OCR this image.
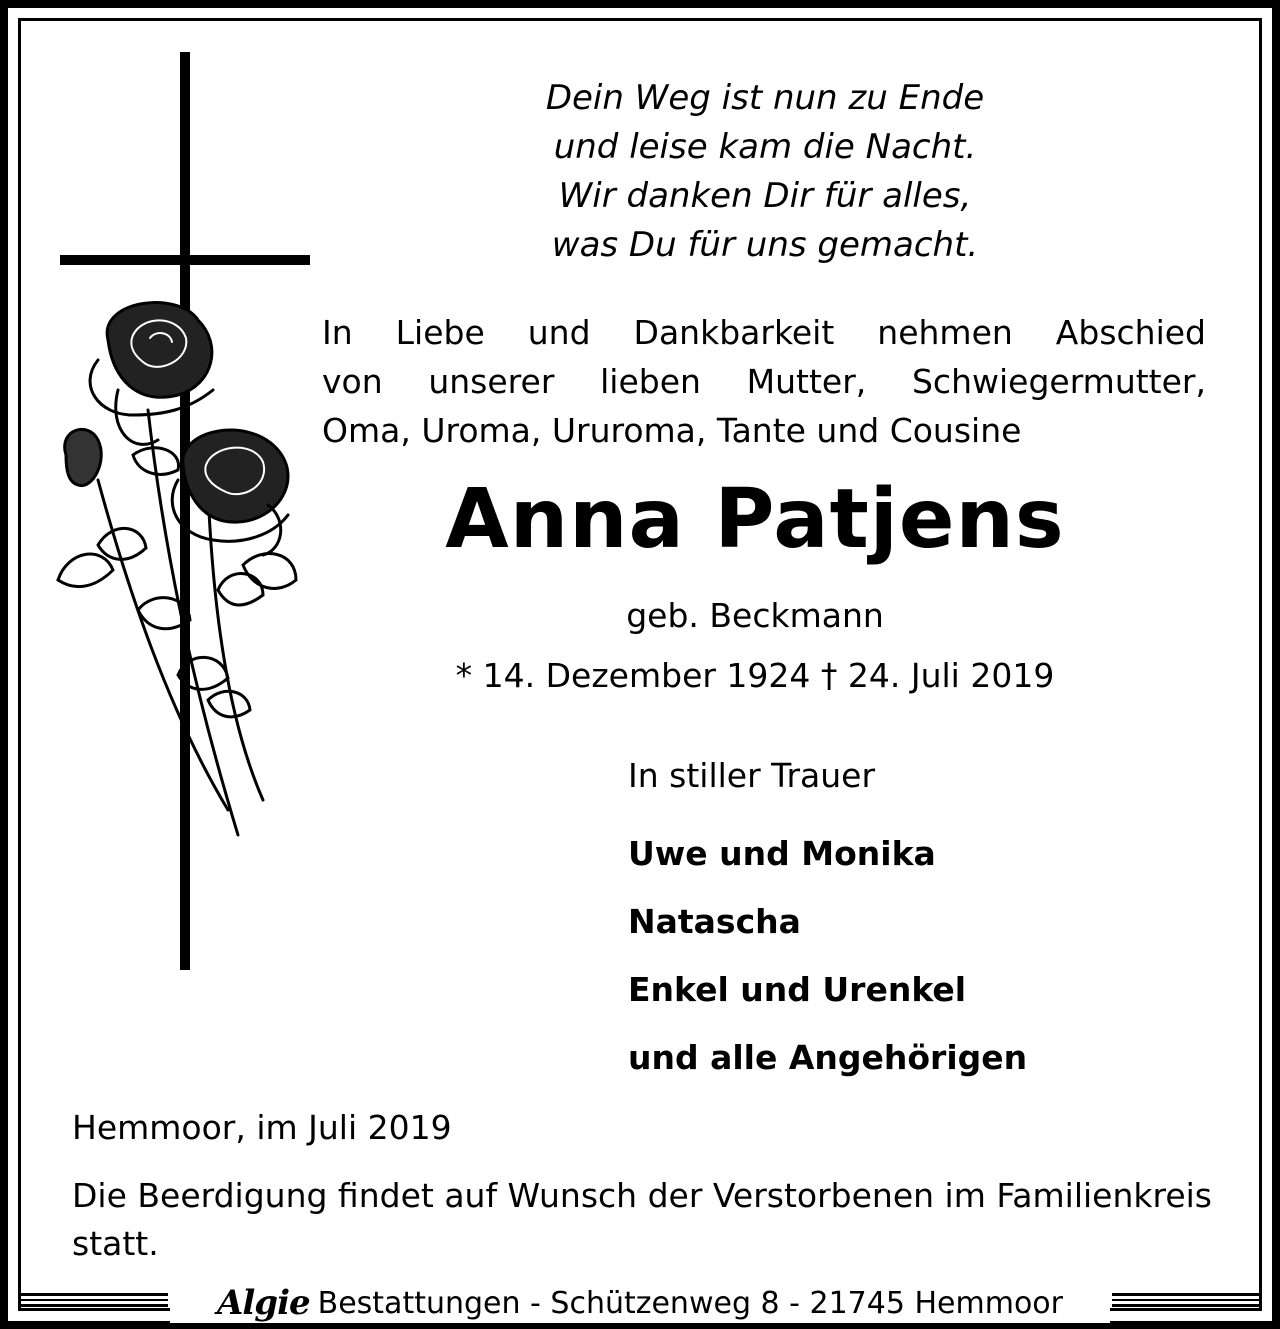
Dein Weg ist nun zu Ende
und leise kam die Nacht.
Wir danken Dir für alles,
was Du für uns gemacht.
In Liebe und Dankbarkeit nehmen Abschied
von unserer lieben Mutter, Schwiegermutter,
Oma, Uroma, Ururoma, Tante und Cousine
Anna Patjens
geb. Beckmann
* 14. Dezember 1924 † 24. Juli 2019
In stiller Trauer
Uwe und Monika
Natascha
Enkel und Urenkel
und alle Angehörigen
Hemmoor, im Juli 2019
Die Beerdigung findet auf Wunsch der Verstorbenen im Familienkreis statt.
Algie Bestattungen - Schützenweg 8 - 21745 Hemmoor
